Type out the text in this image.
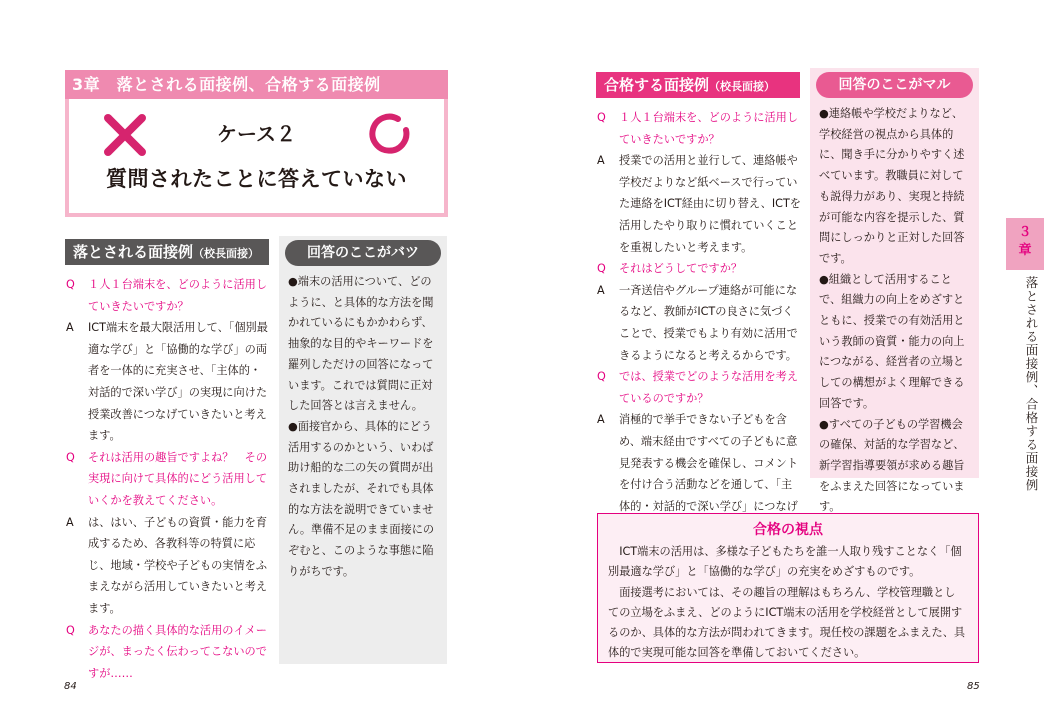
3章　落とされる面接例、合格する面接例
ケース２
質問されたことに答えていない
落とされる面接例（校長面接）
Q １人１台端末を、どのように活用していきたいですか？
A ICT端末を最大限活用して、「個別最適な学び」と「協働的な学び」の両者を一体的に充実させ、「主体的・対話的で深い学び」の実現に向けた授業改善につなげていきたいと考えます。
Q それは活用の趣旨ですよね？　その実現に向けて具体的にどう活用していくかを教えてください。
A は、はい、子どもの資質・能力を育成するため、各教科等の特質に応じ、地域・学校や子どもの実情をふまえながら活用していきたいと考えます。
Q あなたの描く具体的な活用のイメージが、まったく伝わってこないのですが……
回答のここがバツ

●端末の活用について、どのように、と具体的な方法を聞かれているにもかかわらず、抽象的な目的やキーワードを羅列しただけの回答になっています。これでは質問に正対した回答とは言えません。

●面接官から、具体的にどう活用するのかという、いわば助け船的な二の矢の質問が出されましたが、それでも具体的な方法を説明できていません。準備不足のまま面接にのぞむと、このような事態に陥りがちです。

84
合格する面接例（校長面接）
Q １人１台端末を、どのように活用していきたいですか？
A 授業での活用と並行して、連絡帳や学校だよりなど紙ベースで行っていた連絡をICT経由に切り替え、ICTを活用したやり取りに慣れていくことを重視したいと考えます。
Q それはどうしてですか？
A 一斉送信やグループ連絡が可能になるなど、教師がICTの良さに気づくことで、授業でもより有効に活用できるようになると考えるからです。
Q では、授業でどのような活用を考えているのですか？
A 消極的で挙手できない子どもを含め、端末経由ですべての子どもに意見発表する機会を確保し、コメントを付け合う活動などを通して、「主体的・対話的で深い学び」につなげ
回答のここがマル

●連絡帳や学校だよりなど、学校経営の視点から具体的に、聞き手に分かりやすく述べています。教職員に対しても説得力があり、実現と持続が可能な内容を提示した、質問にしっかりと正対した回答です。

●組織として活用することで、組織力の向上をめざすとともに、授業での有効活用という教師の資質・能力の向上につながる、経営者の立場としての構想がよく理解できる回答です。

●すべての子どもの学習機会の確保、対話的な学習など、新学習指導要領が求める趣旨をふまえた回答になっています。

合格の視点

ICT端末の活用は、多様な子どもたちを誰一人取り残すことなく「個別最適な学び」と「協働的な学び」の充実をめざすものです。

面接選考においては、その趣旨の理解はもちろん、学校管理職としての立場をふまえ、どのようにICT端末の活用を学校経営として展開するのか、具体的な方法が問われてきます。現任校の課題をふまえた、具体的で実現可能な回答を準備しておいてください。

85
３
章
落とされる面接例、合格する面接例
